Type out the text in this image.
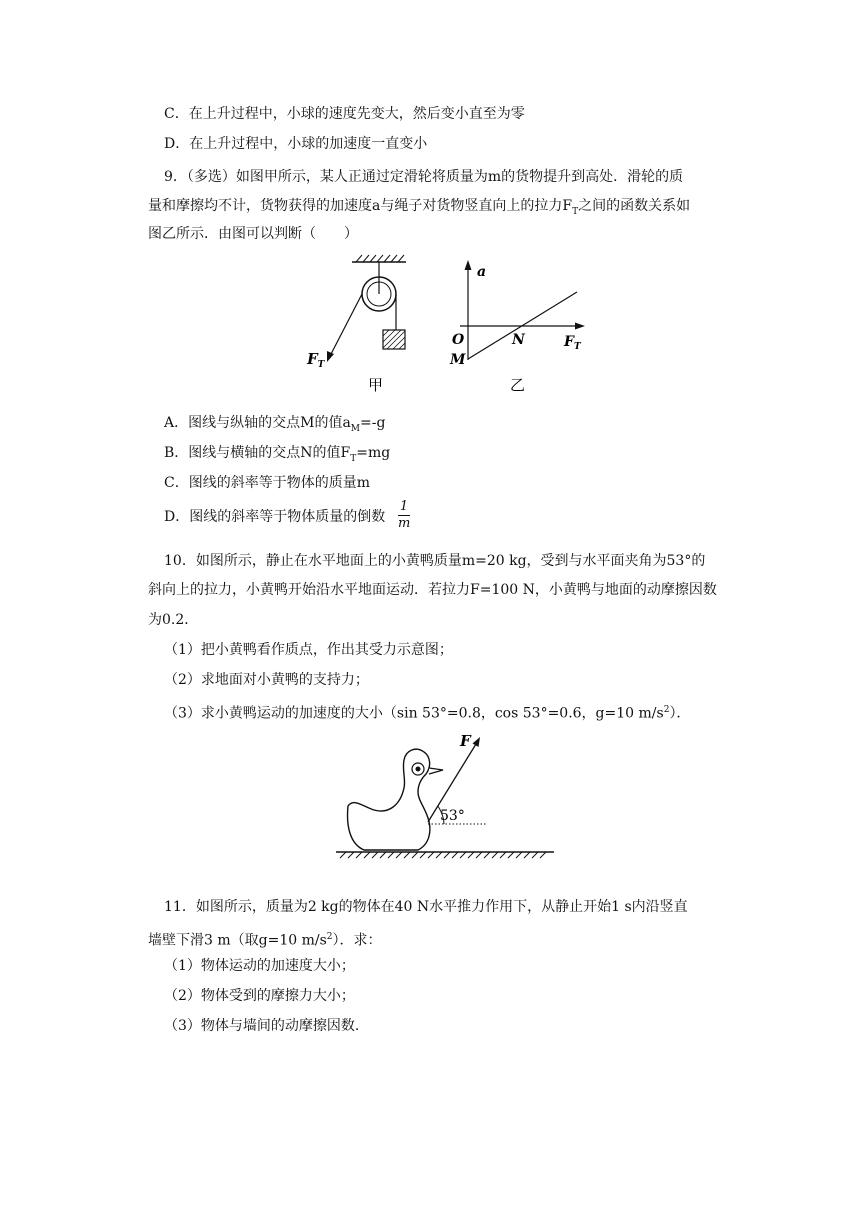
C．在上升过程中，小球的速度先变大，然后变小直至为零
D．在上升过程中，小球的加速度一直变小
9．（多选）如图甲所示，某人正通过定滑轮将质量为m的货物提升到高处．滑轮的质
量和摩擦均不计，货物获得的加速度a与绳子对货物竖直向上的拉力$F_T$之间的函数关系如
图乙所示．由图可以判断（　　）
$F_T$
甲
a
O
M
N	$F_T$
乙
A．图线与纵轴的交点M的值$a_M=-g$
B．图线与横轴的交点N的值$F_T=mg$
C．图线的斜率等于物体的质量m
D．图线的斜率等于物体质量的倒数
1
m
10．如图所示，静止在水平地面上的小黄鸭质量m=20 kg，受到与水平面夹角为53°的
斜向上的拉力，小黄鸭开始沿水平地面运动．若拉力F=100 N，小黄鸭与地面的动摩擦因数
为0.2．
（1）把小黄鸭看作质点，作出其受力示意图；
（2）求地面对小黄鸭的支持力；
（3）求小黄鸭运动的加速度的大小（sin 53°=0.8，cos 53°=0.6，g=10 $m/s^2$）．
F
53°
11．如图所示，质量为2 kg的物体在40 N水平推力作用下，从静止开始1 s内沿竖直
墙壁下滑3 m（取g=10 $m/s^2$）．求：
（1）物体运动的加速度大小；
（2）物体受到的摩擦力大小；
（3）物体与墙间的动摩擦因数.
